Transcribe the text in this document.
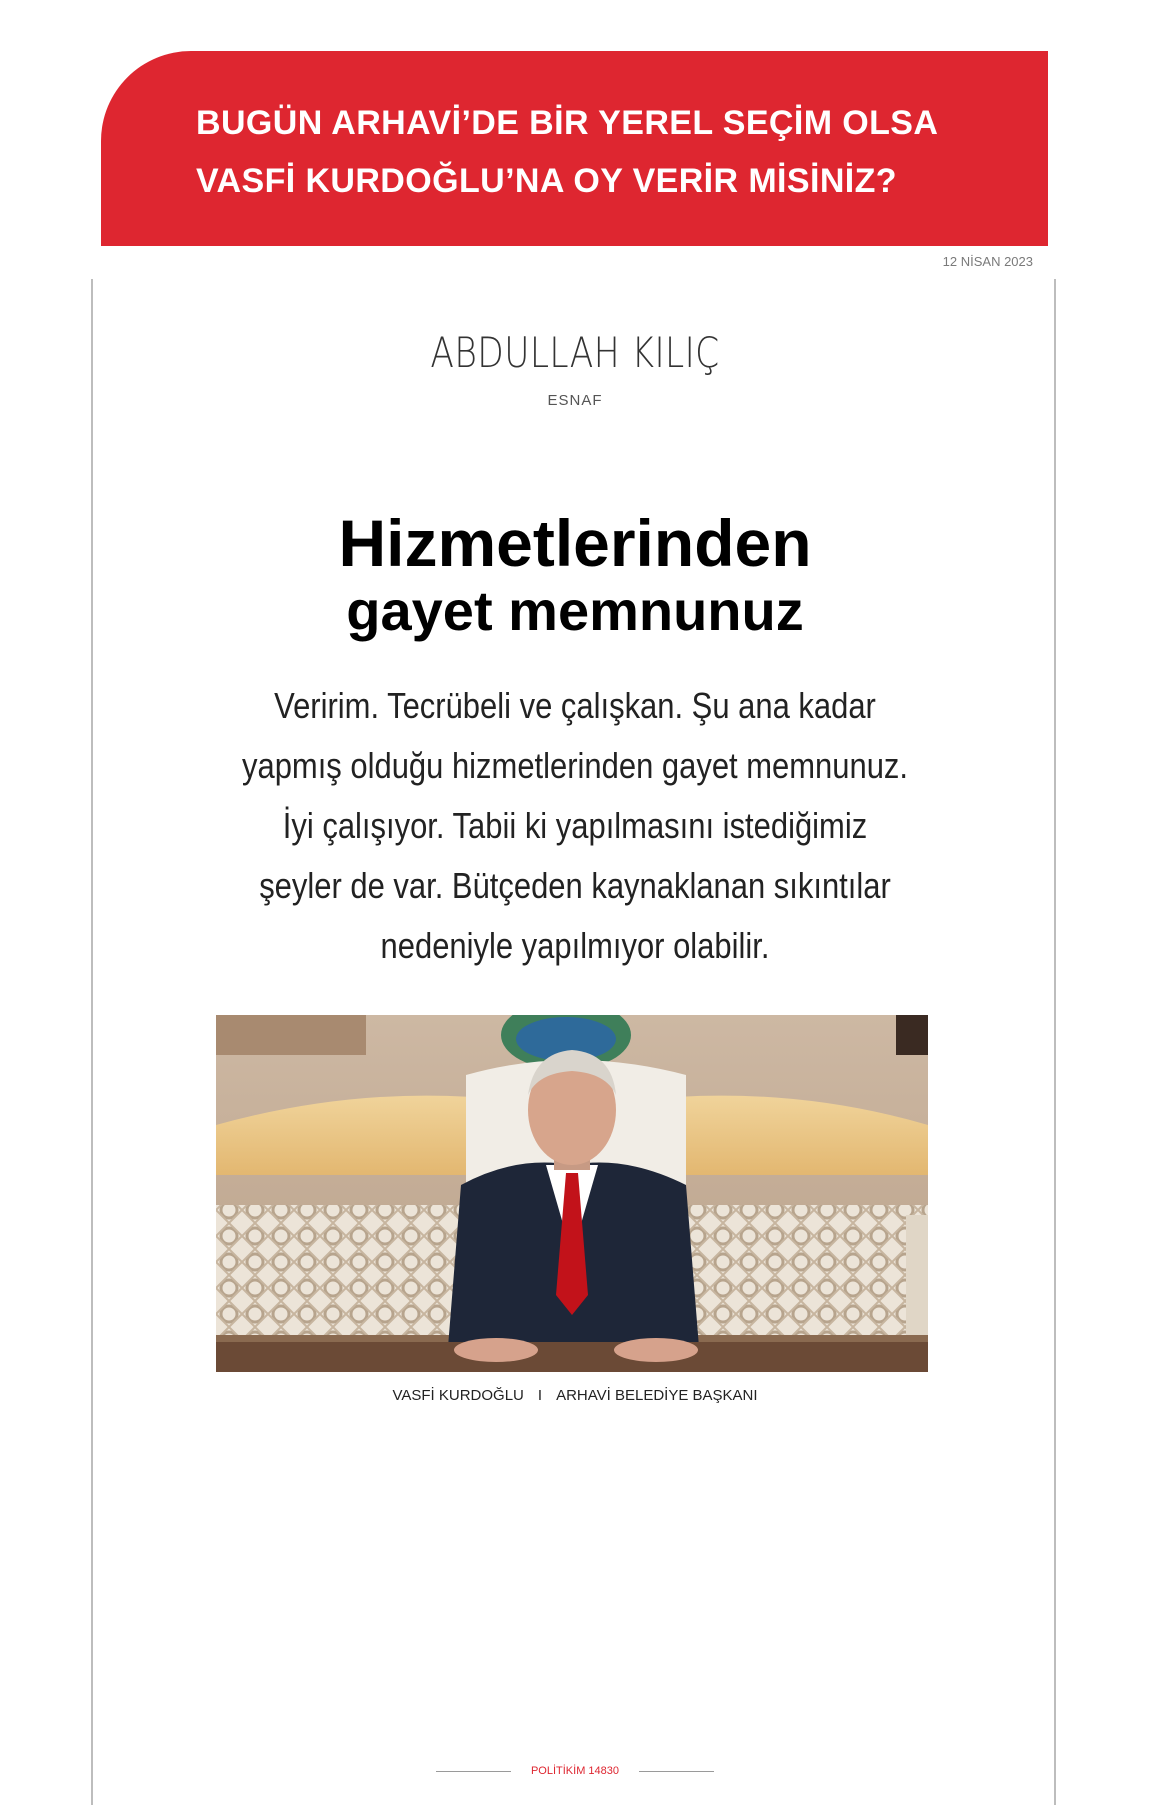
BUGÜN ARHAVİ’DE BİR YEREL SEÇİM OLSA
VASFİ KURDOĞLU’NA OY VERİR MİSİNİZ?
12 NİSAN 2023
ABDULLAH KILIÇ
ESNAF
Hizmetlerinden
gayet memnunuz
Veririm. Tecrübeli ve çalışkan. Şu ana kadar
yapmış olduğu hizmetlerinden gayet memnunuz.
İyi çalışıyor. Tabii ki yapılmasını istediğimiz
şeyler de var. Bütçeden kaynaklanan sıkıntılar
nedeniyle yapılmıyor olabilir.
VASFİ KURDOĞLU I ARHAVİ BELEDİYE BAŞKANI
POLİTİKİM 14830
